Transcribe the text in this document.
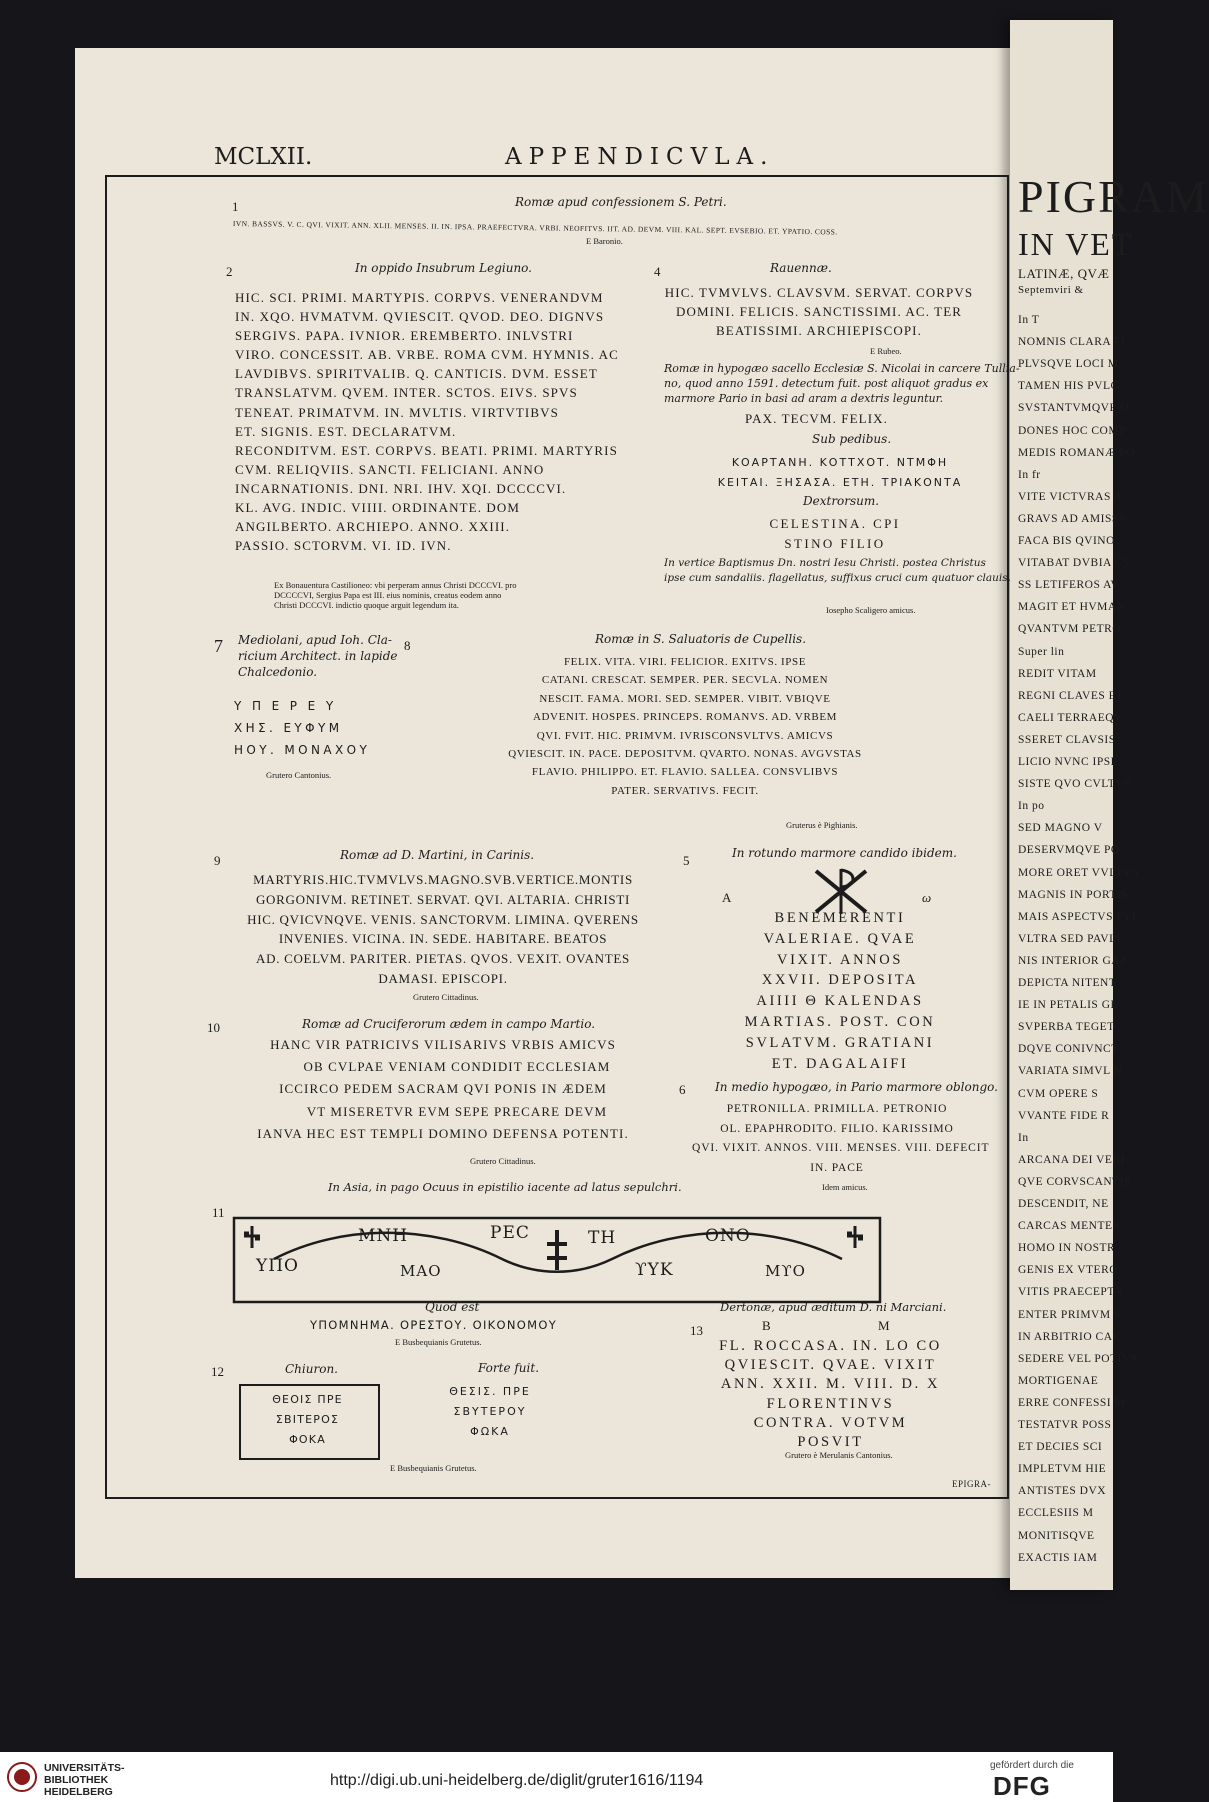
PIGRAM
IN VET
LATINÆ, QVÆ
Septemviri &
In T
NOMNIS CLARA FI
PLVSQVE LOCI M
TAMEN HIS PVLC
SVSTANTVMQVE O
DONES HOC COMP
MEDIS ROMANÆ PO
In fr
VITE VICTVRAS A
GRAVS AD AMISSV
FACA BIS QVINO
VITABAT DVBIA CV
SS LETIFEROS AV
MAGIT ET HVMAN
QVANTVM PETRO
Super lin
REDIT VITAM
REGNI CLAVES ET
CAELI TERRAEQV
SSERET CLAVSIS
LICIO NVNC IPSE
SISTE QVO CVLTVS
In po
SED MAGNO V
DESERVMQVE PO
MORE ORET VVLTVS
MAGNIS IN PORTIS
MAIS ASPECTVS FVL
VLTRA SED PAVLI
NIS INTERIOR GAZ
DEPICTA NITENT
IE IN PETALIS GE
SVPERBA TEGET
DQVE CONIVNCT
VARIATA SIMVL N
CVM OPERE S
VVANTE FIDE R
In
ARCANA DEI VERI
QVE CORVSCANTIS
DESCENDIT, NE
CARCAS MENTES
HOMO IN NOSTR
GENIS EX VTERO
VITIS PRAECEPTA
ENTER PRIMVM S
IN ARBITRIO CAE
SEDERE VEL POTIVS
MORTIGENAE
ERRE CONFESSI M
TESTATVR POSS
ET DECIES SCI
IMPLETVM HIE
ANTISTES DVX
ECCLESIIS M
MONITISQVE
EXACTIS IAM
MCLXII.	APPENDICVLA.
1	Romæ apud confessionem S. Petri.
IVN. BASSVS. V. C. QVI. VIXIT. ANN. XLII. MENSES. II. IN. IPSA. PRAEFECTVRA. VRBI. NEOFITVS. IIT. AD. DEVM. VIII. KAL. SEPT. EVSEBIO. ET. YPATIO. COSS.
E Baronio.
2	In oppido Insubrum Legiuno.
HIC. SCI. PRIMI. MARTYPIS. CORPVS. VENERANDVM
IN. XQO. HVMATVM. QVIESCIT. QVOD. DEO. DIGNVS
SERGIVS. PAPA. IVNIOR. EREMBERTO. INLVSTRI
VIRO. CONCESSIT. AB. VRBE. ROMA CVM. HYMNIS. AC
LAVDIBVS. SPIRITVALIB. Q. CANTICIS. DVM. ESSET
TRANSLATVM. QVEM. INTER. SCTOS. EIVS. SPVS
TENEAT. PRIMATVM. IN. MVLTIS. VIRTVTIBVS
ET. SIGNIS. EST. DECLARATVM.
RECONDITVM. EST. CORPVS. BEATI. PRIMI. MARTYRIS
CVM. RELIQVIIS. SANCTI. FELICIANI. ANNO
INCARNATIONIS. DNI. NRI. IHV. XQI. DCCCCVI.
KL. AVG. INDIC. VIIII. ORDINANTE. DOM
ANGILBERTO. ARCHIEPO. ANNO. XXIII.
PASSIO. SCTORVM. VI. ID. IVN.
Ex Bonauentura Castilioneo: vbi perperam annus Christi DCCCVI. pro
DCCCCVI, Sergius Papa est III. eius nominis, creatus eodem anno
Christi DCCCVI. indictio quoque arguit legendum ita.
4	Rauennæ.
HIC. TVMVLVS. CLAVSVM. SERVAT. CORPVS
DOMINI. FELICIS. SANCTISSIMI. AC. TER
BEATISSIMI. ARCHIEPISCOPI.
E Rubeo.
Romæ in hypogæo sacello Ecclesiæ S. Nicolai in carcere Tullia-
no, quod anno 1591. detectum fuit. post aliquot gradus ex
marmore Pario in basi ad aram a dextris leguntur.
PAX. TECVM. FELIX.
Sub pedibus.
ΚΟΑΡΤΑΝΗ. ΚΟΤΤΧΟΤ. ΝΤΜΦΗ
ΚΕΙΤΑΙ. ΞΗΣΑΣΑ. ΕΤΗ. ΤΡΙΑΚΟΝΤΑ
Dextrorsum.
CELESTINA. CPI
STINO FILIO
In vertice Baptismus Dn. nostri Iesu Christi. postea Christus
ipse cum sandaliis. flagellatus, suffixus cruci cum quatuor clauis.
Iosepho Scaligero amicus.
7 Mediolani, apud Ioh. Cla-
ricium Architect. in lapide
Chalcedonio.
Υ Π Ε Ρ Ε Υ
ΧΗΣ. ΕΥΦΥΜ
ΗΟΥ. ΜΟΝΑΧΟΥ
Grutero Cantonius.
8	Romæ in S. Saluatoris de Cupellis.
Gruterus è Pighianis.
9	Romæ ad D. Martini, in Carinis.
MARTYRIS.HIC.TVMVLVS.MAGNO.SVB.VERTICE.MONTIS
GORGONIVM. RETINET. SERVAT. QVI. ALTARIA. CHRISTI
HIC. QVICVNQVE. VENIS. SANCTORVM. LIMINA. QVERENS
INVENIES. VICINA. IN. SEDE. HABITARE. BEATOS
AD. COELVM. PARITER. PIETAS. QVOS. VEXIT. OVANTES
DAMASI. EPISCOPI.
Grutero Cittadinus.
5	In rotundo marmore candido ibidem.
A	ω
6 In medio hypogæo, in Pario marmore oblongo.
PETRONILLA. PRIMILLA. PETRONIO
OL. EPAPHRODITO. FILIO. KARISSIMO
QVI. VIXIT. ANNOS. VIII. MENSES. VIII. DEFECIT
IN. PACE
Idem amicus.
10	Romæ ad Cruciferorum ædem in campo Martio.
Grutero Cittadinus.
In Asia, in pago Ocuus in epistilio iacente ad latus sepulchri.
11
MNH	PEC	TH	ONO
ΥΠΟ	ΜΑΟ	ϒΥΚ	ΜϒΟ
Quod est
ΥΠΟΜΝΗΜΑ. ΟΡΕΣΤΟΥ. ΟΙΚΟΝΟΜΟΥ
E Busbequianis Grutetus.
Dertonæ, apud æditum D. ni Marciani.
13	B	M
Grutero è Merulanis Cantonius.
12	Chiuron.
ΘΕΟΙΣ ΠΡΕ
ΣΒΙΤΕΡΟΣ
ΦΟΚΑ
Forte fuit.
ΘΕΣΙΣ. ΠΡΕ
ΣΒΥΤΕΡΟΥ
ΦΩΚΑ
E Busbequianis Grutetus.
EPIGRA-
UNIVERSITÄTS-
BIBLIOTHEK
HEIDELBERG
http://digi.ub.uni-heidelberg.de/diglit/gruter1616/1194
gefördert durch die
DFG
FELIX. VITA. VIRI. FELICIOR. EXITVS. IPSE
CATANI. CRESCAT. SEMPER. PER. SECVLA. NOMEN
NESCIT. FAMA. MORI. SED. SEMPER. VIBIT. VBIQVE
ADVENIT. HOSPES. PRINCEPS. ROMANVS. AD. VRBEM
QVI. FVIT. HIC. PRIMVM. IVRISCONSVLTVS. AMICVS
QVIESCIT. IN. PACE. DEPOSITVM. QVARTO. NONAS. AVGVSTAS
FLAVIO. PHILIPPO. ET. FLAVIO. SALLEA. CONSVLIBVS
PATER. SERVATIVS. FECIT.
BENEMERENTI
VALERIAE. QVAE
VIXIT. ANNOS
XXVII. DEPOSITA
AIIII Θ KALENDAS
MARTIAS. POST. CON
SVLATVM. GRATIANI
ET. DAGALAIFI
HANC VIR PATRICIVS VILISARIVS VRBIS AMICVS
OB CVLPAE VENIAM CONDIDIT ECCLESIAM
ICCIRCO PEDEM SACRAM QVI PONIS IN ÆDEM
VT MISERETVR EVM SEPE PRECARE DEVM
IANVA HEC EST TEMPLI DOMINO DEFENSA POTENTI.
FL. ROCCASA. IN. LO CO
QVIESCIT. QVAE. VIXIT
ANN. XXII. M. VIII. D. X
FLORENTINVS
CONTRA. VOTVM
POSVIT
